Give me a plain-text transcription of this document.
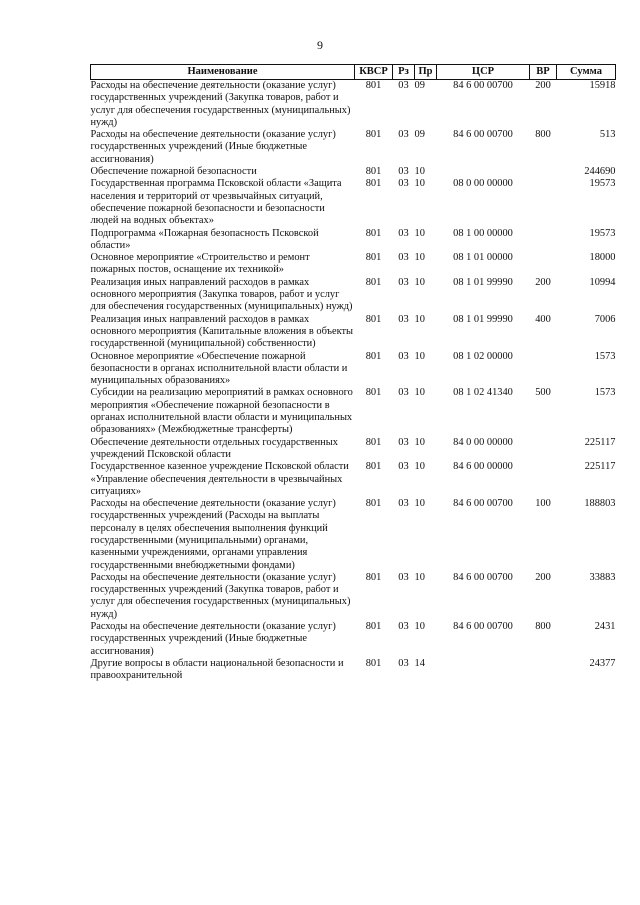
9
Наименование	КВСР	Рз	Пр	ЦСР	ВР	Сумма
Расходы на обеспечение деятельности (оказание услуг) государственных учреждений (Закупка товаров, работ и услуг для обеспечения государственных (муниципальных) нужд)	801	03	09	84 6 00 00700	200	15918
Расходы на обеспечение деятельности (оказание услуг) государственных учреждений (Иные бюджетные ассигнования)	801	03	09	84 6 00 00700	800	513
Обеспечение пожарной безопасности	801	03	10			244690
Государственная программа Псковской области «Защита населения и территорий от чрезвычайных ситуаций, обеспечение пожарной безопасности и безопасности людей на водных объектах»	801	03	10	08 0 00 00000		19573
Подпрограмма «Пожарная безопасность Псковской области»	801	03	10	08 1 00 00000		19573
Основное мероприятие «Строительство и ремонт пожарных постов, оснащение их техникой»	801	03	10	08 1 01 00000		18000
Реализация иных направлений расходов в рамках основного мероприятия (Закупка товаров, работ и услуг для обеспечения государственных (муниципальных) нужд)	801	03	10	08 1 01 99990	200	10994
Реализация иных направлений расходов в рамках основного мероприятия (Капитальные вложения в объекты государственной (муниципальной) собственности)	801	03	10	08 1 01 99990	400	7006
Основное мероприятие «Обеспечение пожарной безопасности в органах исполнительной власти области и муниципальных образованиях»	801	03	10	08 1 02 00000		1573
Субсидии на реализацию мероприятий в рамках основного мероприятия «Обеспечение пожарной безопасности в органах исполнительной власти области и муниципальных образованиях» (Межбюджетные трансферты)	801	03	10	08 1 02 41340	500	1573
Обеспечение деятельности отдельных государственных учреждений Псковской области	801	03	10	84 0 00 00000		225117
Государственное казенное учреждение Псковской области «Управление обеспечения деятельности в чрезвычайных ситуациях»	801	03	10	84 6 00 00000		225117
Расходы на обеспечение деятельности (оказание услуг) государственных учреждений (Расходы на выплаты персоналу в целях обеспечения выполнения функций государственными (муниципальными) органами, казенными учреждениями, органами управления государственными внебюджетными фондами)	801	03	10	84 6 00 00700	100	188803
Расходы на обеспечение деятельности (оказание услуг) государственных учреждений (Закупка товаров, работ и услуг для обеспечения государственных (муниципальных) нужд)	801	03	10	84 6 00 00700	200	33883
Расходы на обеспечение деятельности (оказание услуг) государственных учреждений (Иные бюджетные ассигнования)	801	03	10	84 6 00 00700	800	2431
Другие вопросы в области национальной безопасности и правоохранительной	801	03	14			24377
